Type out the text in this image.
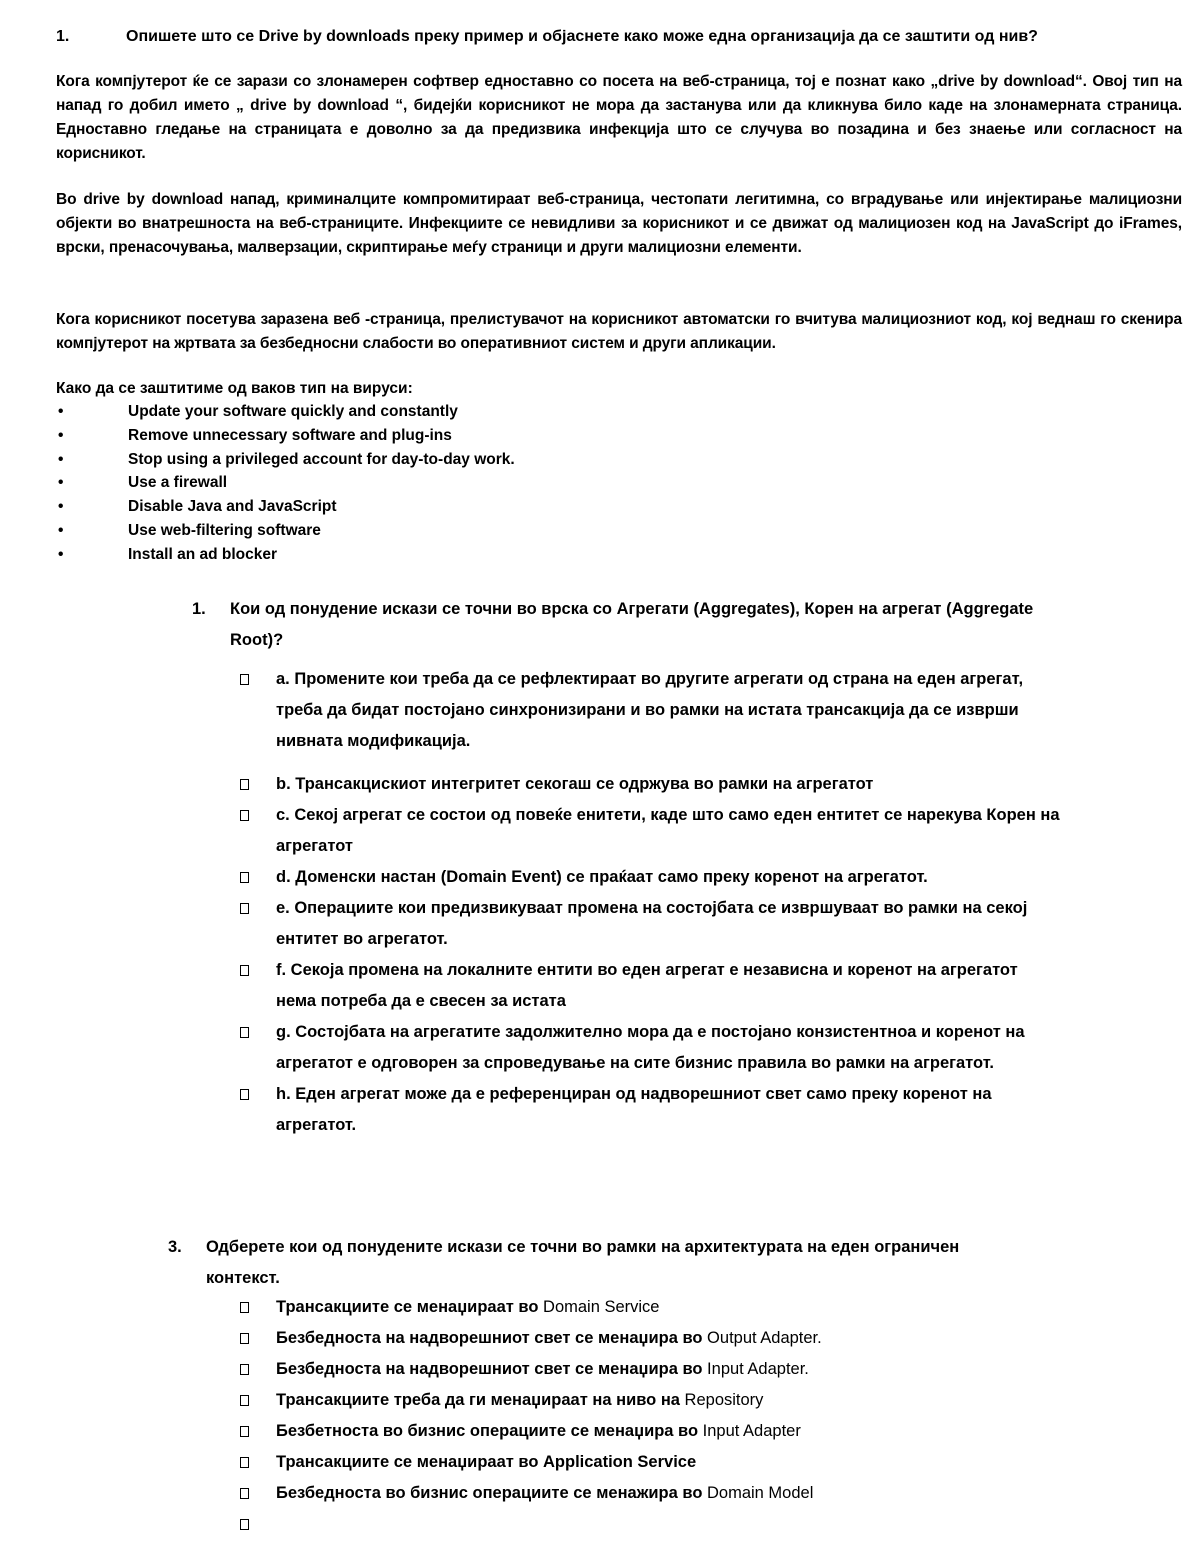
1.	Опишете што се Drive by downloads преку пример и објаснете како може една организација да се заштити од нив?
Кога компјутерот ќе се зарази со злонамерен софтвер едноставно со посета на веб-страница, тој е познат како „drive by download“. Овој тип на напад го добил името „ drive by download “, бидејќи корисникот не мора да застанува или да кликнува било каде на злонамерната страница. Едноставно гледање на страницата е доволно за да предизвика инфекција што се случува во позадина и без знаење или согласност на корисникот.
Во drive by download напад, криминалците компромитираат веб-страница, честопати легитимна, со вградување или инјектирање малициозни објекти во внатрешноста на веб-страниците. Инфекциите се невидливи за корисникот и се движат од малициозен код на JavaScript до iFrames, врски, пренасочувања, малверзации, скриптирање меѓу страници и други малициозни елементи.
Кога корисникот посетува заразена веб -страница, прелистувачот на корисникот автоматски го вчитува малициозниот код, кој веднаш го скенира компјутерот на жртвата за безбедносни слабости во оперативниот систем и други апликации.
Како да се заштитиме од ваков тип на вируси:
•	Update your software quickly and constantly
•	Remove unnecessary software and plug-ins
•	Stop using a privileged account for day-to-day work.
•	Use a firewall
•	Disable Java and JavaScript
•	Use web-filtering software
•	Install an ad blocker
1.	Кои од понудение искази се точни во врска со Агрегати (Aggregates), Корен на агрегат (Aggregate Root)?
a. Промените кои треба да се рефлектираат во другите агрегати од страна на еден агрегат, треба да бидат постојано синхронизирани и во рамки на истата трансакција да се изврши нивната модификација.
b. Трансакцискиот интегритет секогаш се одржува во рамки на агрегатот
c. Секој агрегат се состои од повеќе енитети, каде што само еден ентитет се нарекува Корен на агрегатот
d. Доменски настан (Domain Event) се праќаат само преку коренот на агрегатот.
e. Операциите кои предизвикуваат промена на состојбата се извршуваат во рамки на секој ентитет во агрегатот.
f. Секоја промена на локалните ентити во еден агрегат е независна и коренот на агрегатот нема потреба да е свесен за истата
g. Состојбата на агрегатите задолжително мора да е постојано конзистентноа и коренот на агрегатот е одговорен за спроведување на сите бизнис правила во рамки на агрегатот.
h. Еден агрегат може да е референциран од надворешниот свет само преку коренот на агрегатот.
3.	Одберете кои од понудените искази се точни во рамки на архитектурата на еден ограничен контекст.
Трансакциите се менаџираат во Domain Service
Безбедноста на надворешниот свет се менаџира во Output Adapter.
Безбедноста на надворешниот свет се менаџира во Input Adapter.
Трансакциите треба да ги менаџираат на ниво на Repository
Безбетноста во бизнис операциите се менаџира во Input Adapter
Трансакциите се менаџираат во Application Service
Безбедноста во бизнис операциите се менажира во Domain Model
